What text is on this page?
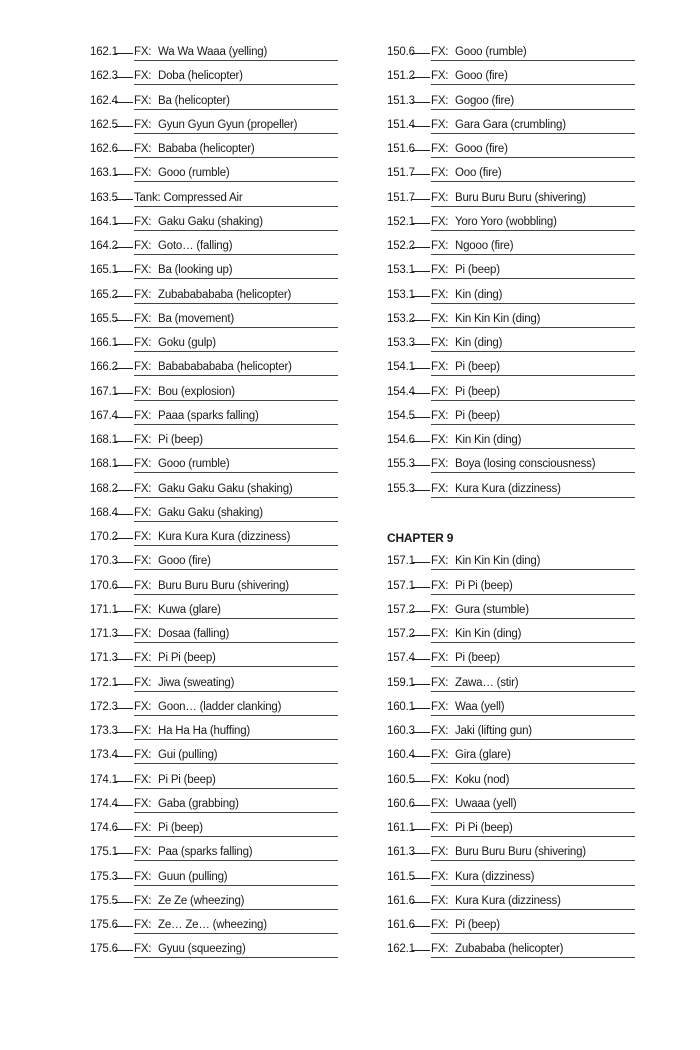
162.1 FX: Wa Wa Waaa (yelling)
162.3 FX: Doba (helicopter)
162.4 FX: Ba (helicopter)
162.5 FX: Gyun Gyun Gyun (propeller)
162.6 FX: Bababa (helicopter)
163.1 FX: Gooo (rumble)
163.5 Tank: Compressed Air
164.1 FX: Gaku Gaku (shaking)
164.2 FX: Goto… (falling)
165.1 FX: Ba (looking up)
165.2 FX: Zubababababa (helicopter)
165.5 FX: Ba (movement)
166.1 FX: Goku (gulp)
166.2 FX: Babababababa (helicopter)
167.1 FX: Bou (explosion)
167.4 FX: Paaa (sparks falling)
168.1 FX: Pi (beep)
168.1 FX: Gooo (rumble)
168.2 FX: Gaku Gaku Gaku (shaking)
168.4 FX: Gaku Gaku (shaking)
170.2 FX: Kura Kura Kura (dizziness)
170.3 FX: Gooo (fire)
170.6 FX: Buru Buru Buru (shivering)
171.1 FX: Kuwa (glare)
171.3 FX: Dosaa (falling)
171.3 FX: Pi Pi (beep)
172.1 FX: Jiwa (sweating)
172.3 FX: Goon… (ladder clanking)
173.3 FX: Ha Ha Ha (huffing)
173.4 FX: Gui (pulling)
174.1 FX: Pi Pi (beep)
174.4 FX: Gaba (grabbing)
174.6 FX: Pi (beep)
175.1 FX: Paa (sparks falling)
175.3 FX: Guun (pulling)
175.5 FX: Ze Ze (wheezing)
175.6 FX: Ze… Ze… (wheezing)
175.6 FX: Gyuu (squeezing)
150.6 FX: Gooo (rumble)
151.2 FX: Gooo (fire)
151.3 FX: Gogoo (fire)
151.4 FX: Gara Gara (crumbling)
151.6 FX: Gooo (fire)
151.7 FX: Ooo (fire)
151.7 FX: Buru Buru Buru (shivering)
152.1 FX: Yoro Yoro (wobbling)
152.2 FX: Ngooo (fire)
153.1 FX: Pi (beep)
153.1 FX: Kin (ding)
153.2 FX: Kin Kin Kin (ding)
153.3 FX: Kin (ding)
154.1 FX: Pi (beep)
154.4 FX: Pi (beep)
154.5 FX: Pi (beep)
154.6 FX: Kin Kin (ding)
155.3 FX: Boya (losing consciousness)
155.3 FX: Kura Kura (dizziness)
CHAPTER 9
157.1 FX: Kin Kin Kin (ding)
157.1 FX: Pi Pi (beep)
157.2 FX: Gura (stumble)
157.2 FX: Kin Kin (ding)
157.4 FX: Pi (beep)
159.1 FX: Zawa… (stir)
160.1 FX: Waa (yell)
160.3 FX: Jaki (lifting gun)
160.4 FX: Gira (glare)
160.5 FX: Koku (nod)
160.6 FX: Uwaaa (yell)
161.1 FX: Pi Pi (beep)
161.3 FX: Buru Buru Buru (shivering)
161.5 FX: Kura (dizziness)
161.6 FX: Kura Kura (dizziness)
161.6 FX: Pi (beep)
162.1 FX: Zubababa (helicopter)
